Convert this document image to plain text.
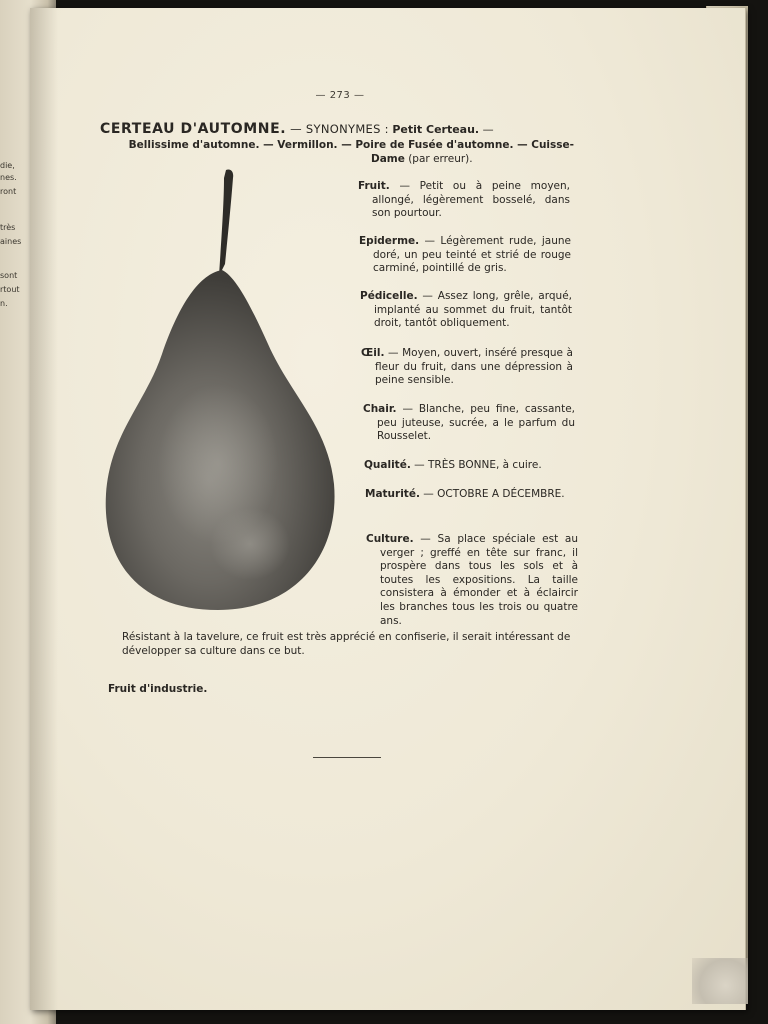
die,
nes.
ront
très
aines
sont
rtout
n.
— 273 —
CERTEAU D'AUTOMNE. — SYNONYMES : Petit Certeau. —
Bellissime d'automne. — Vermillon. — Poire de Fusée d'automne. — Cuisse-
Dame (par erreur).
Fruit. — Petit ou à peine moyen, allongé, légèrement bosselé, dans son pourtour.
Epiderme. — Légèrement rude, jaune doré, un peu teinté et strié de rouge carminé, pointillé de gris.
Pédicelle. — Assez long, grêle, arqué, implanté au sommet du fruit, tantôt droit, tantôt obliquement.
Œil. — Moyen, ouvert, inséré presque à fleur du fruit, dans une dépression à peine sensible.
Chair. — Blanche, peu fine, cassante, peu juteuse, sucrée, a le parfum du Rousselet.
Qualité. — TRÈS BONNE, à cuire.
Maturité. — OCTOBRE A DÉCEMBRE.
Culture. — Sa place spéciale est au verger ; greffé en tête sur franc, il prospère dans tous les sols et à toutes les expositions. La taille consistera à émonder et à éclaircir les branches tous les trois ou quatre ans.
Résistant à la tavelure, ce fruit est très apprécié en confiserie, il serait intéressant de développer sa culture dans ce but.
Fruit d'industrie.
